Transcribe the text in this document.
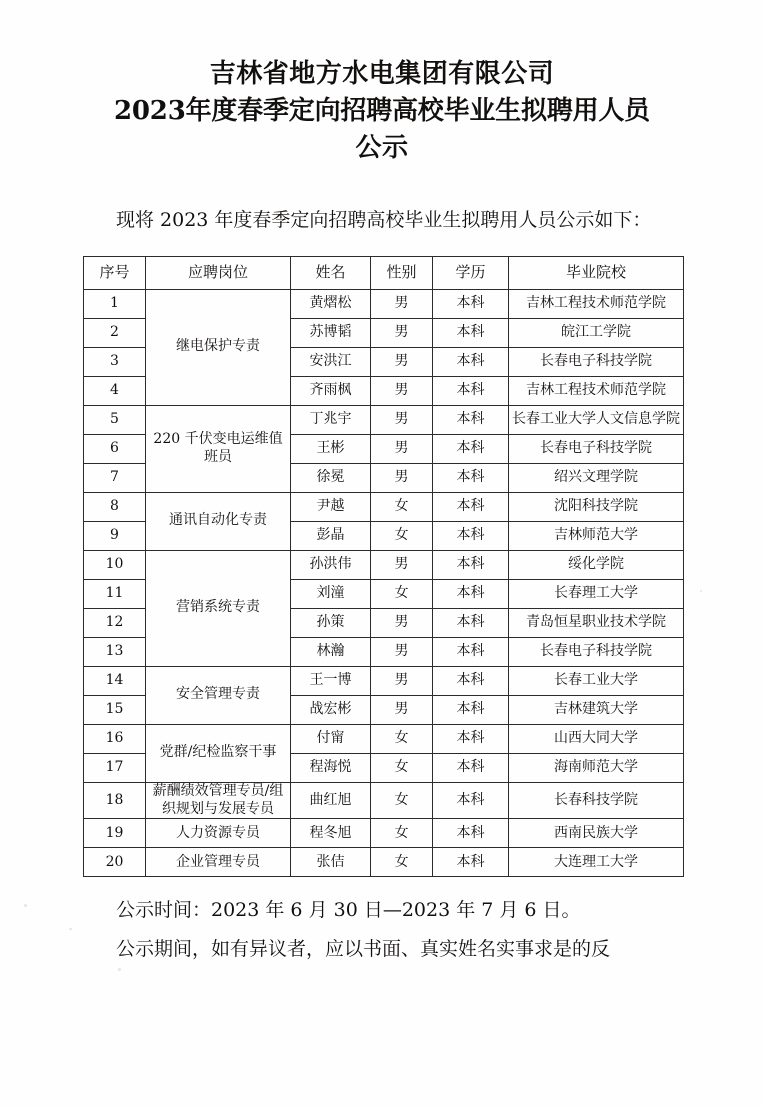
吉林省地方水电集团有限公司
2023年度春季定向招聘高校毕业生拟聘用人员
公示

现将 2023 年度春季定向招聘高校毕业生拟聘用人员公示如下：

序号	应聘岗位	姓名	性别	学历	毕业院校
1	继电保护专责	黄熠松	男	本科	吉林工程技术师范学院
2		苏博韬	男	本科	皖江工学院
3		安洪江	男	本科	长春电子科技学院
4		齐雨枫	男	本科	吉林工程技术师范学院
5	220 千伏变电运维值班员	丁兆宇	男	本科	长春工业大学人文信息学院
6		王彬	男	本科	长春电子科技学院
7		徐冕	男	本科	绍兴文理学院
8	通讯自动化专责	尹越	女	本科	沈阳科技学院
9		彭晶	女	本科	吉林师范大学
10	营销系统专责	孙洪伟	男	本科	绥化学院
11		刘潼	女	本科	长春理工大学
12		孙策	男	本科	青岛恒星职业技术学院
13		林瀚	男	本科	长春电子科技学院
14	安全管理专责	王一博	男	本科	长春工业大学
15		战宏彬	男	本科	吉林建筑大学
16	党群/纪检监察干事	付甯	女	本科	山西大同大学
17		程海悦	女	本科	海南师范大学
18	薪酬绩效管理专员/组织规划与发展专员	曲红旭	女	本科	长春科技学院
19	人力资源专员	程冬旭	女	本科	西南民族大学
20	企业管理专员	张佶	女	本科	大连理工大学

公示时间：2023 年 6 月 30 日—2023 年 7 月 6 日。

公示期间，如有异议者，应以书面、真实姓名实事求是的反
